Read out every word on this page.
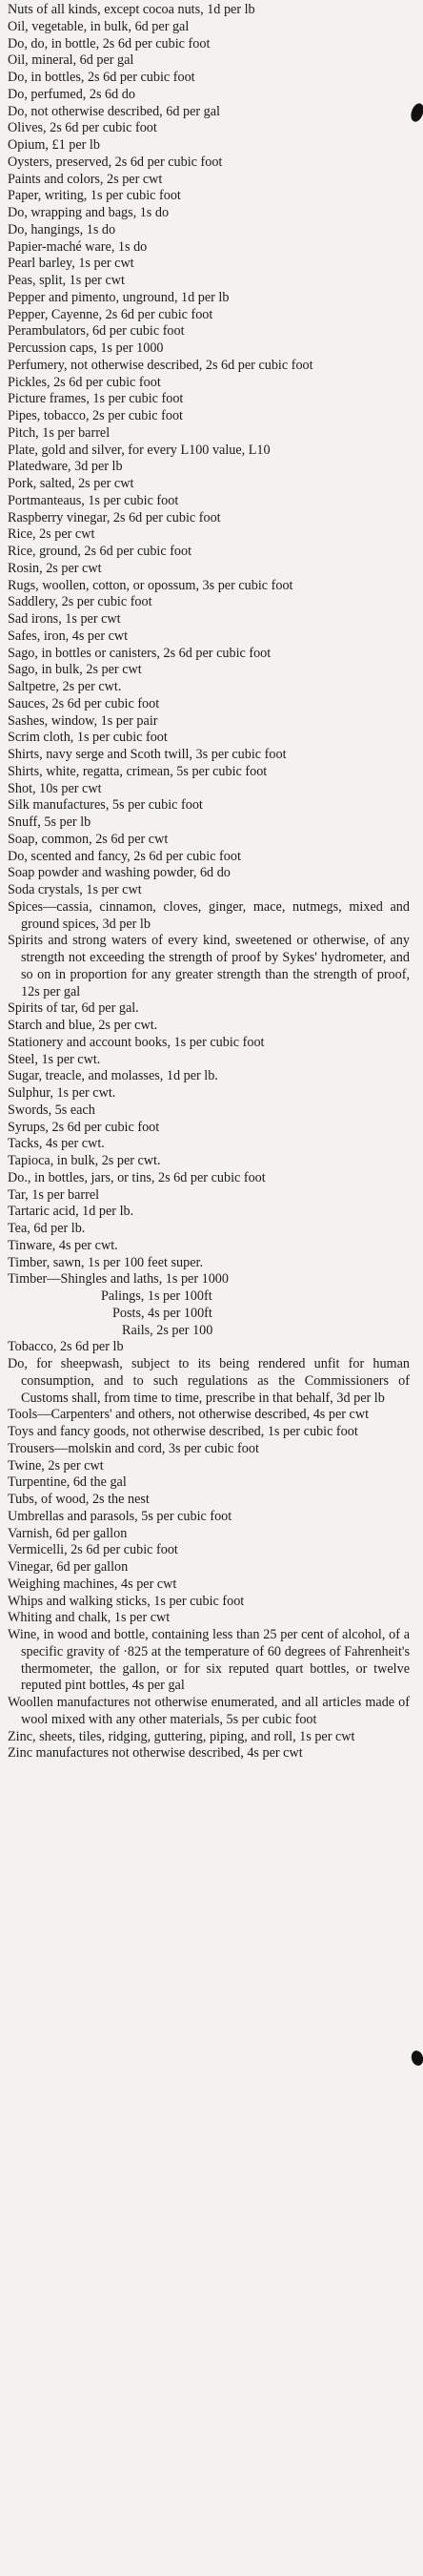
Nuts of all kinds, except cocoa nuts, 1d per lb

Oil, vegetable, in bulk, 6d per gal

Do, do, in bottle, 2s 6d per cubic foot

Oil, mineral, 6d per gal

Do, in bottles, 2s 6d per cubic foot

Do, perfumed, 2s 6d do

Do, not otherwise described, 6d per gal

Olives, 2s 6d per cubic foot

Opium, £1 per lb

Oysters, preserved, 2s 6d per cubic foot

Paints and colors, 2s per cwt

Paper, writing, 1s per cubic foot

Do, wrapping and bags, 1s do

Do, hangings, 1s do

Papier-maché ware, 1s do

Pearl barley, 1s per cwt

Peas, split, 1s per cwt

Pepper and pimento, unground, 1d per lb

Pepper, Cayenne, 2s 6d per cubic foot

Perambulators, 6d per cubic foot

Percussion caps, 1s per 1000

Perfumery, not otherwise described, 2s 6d per cubic foot

Pickles, 2s 6d per cubic foot

Picture frames, 1s per cubic foot

Pipes, tobacco, 2s per cubic foot

Pitch, 1s per barrel

Plate, gold and silver, for every L100 value, L10

Platedware, 3d per lb

Pork, salted, 2s per cwt

Portmanteaus, 1s per cubic foot

Raspberry vinegar, 2s 6d per cubic foot

Rice, 2s per cwt

Rice, ground, 2s 6d per cubic foot

Rosin, 2s per cwt

Rugs, woollen, cotton, or opossum, 3s per cubic foot

Saddlery, 2s per cubic foot

Sad irons, 1s per cwt

Safes, iron, 4s per cwt

Sago, in bottles or canisters, 2s 6d per cubic foot

Sago, in bulk, 2s per cwt

Saltpetre, 2s per cwt.

Sauces, 2s 6d per cubic foot

Sashes, window, 1s per pair

Scrim cloth, 1s per cubic foot

Shirts, navy serge and Scoth twill, 3s per cubic foot

Shirts, white, regatta, crimean, 5s per cubic foot

Shot, 10s per cwt

Silk manufactures, 5s per cubic foot

Snuff, 5s per lb

Soap, common, 2s 6d per cwt

Do, scented and fancy, 2s 6d per cubic foot

Soap powder and washing powder, 6d do

Soda crystals, 1s per cwt

Spices—cassia, cinnamon, cloves, ginger, mace, nutmegs, mixed and ground spices, 3d per lb

Spirits and strong waters of every kind, sweetened or otherwise, of any strength not exceeding the strength of proof by Sykes' hydrometer, and so on in proportion for any greater strength than the strength of proof, 12s per gal

Spirits of tar, 6d per gal.

Starch and blue, 2s per cwt.

Stationery and account books, 1s per cubic foot

Steel, 1s per cwt.

Sugar, treacle, and molasses, 1d per lb.

Sulphur, 1s per cwt.

Swords, 5s each

Syrups, 2s 6d per cubic foot

Tacks, 4s per cwt.

Tapioca, in bulk, 2s per cwt.

Do., in bottles, jars, or tins, 2s 6d per cubic foot

Tar, 1s per barrel

Tartaric acid, 1d per lb.

Tea, 6d per lb.

Tinware, 4s per cwt.

Timber, sawn, 1s per 100 feet super.

Timber—Shingles and laths, 1s per 1000

Palings, 1s per 100ft

Posts, 4s per 100ft

Rails, 2s per 100

Tobacco, 2s 6d per lb

Do, for sheepwash, subject to its being rendered unfit for human consumption, and to such regulations as the Commissioners of Customs shall, from time to time, prescribe in that behalf, 3d per lb

Tools—Carpenters' and others, not otherwise described, 4s per cwt

Toys and fancy goods, not otherwise described, 1s per cubic foot

Trousers—molskin and cord, 3s per cubic foot

Twine, 2s per cwt

Turpentine, 6d the gal

Tubs, of wood, 2s the nest

Umbrellas and parasols, 5s per cubic foot

Varnish, 6d per gallon

Vermicelli, 2s 6d per cubic foot

Vinegar, 6d per gallon

Weighing machines, 4s per cwt

Whips and walking sticks, 1s per cubic foot

Whiting and chalk, 1s per cwt

Wine, in wood and bottle, containing less than 25 per cent of alcohol, of a specific gravity of ·825 at the temperature of 60 degrees of Fahrenheit's thermometer, the gallon, or for six reputed quart bottles, or twelve reputed pint bottles, 4s per gal

Woollen manufactures not otherwise enumerated, and all articles made of wool mixed with any other materials, 5s per cubic foot

Zinc, sheets, tiles, ridging, guttering, piping, and roll, 1s per cwt

Zinc manufactures not otherwise described, 4s per cwt
